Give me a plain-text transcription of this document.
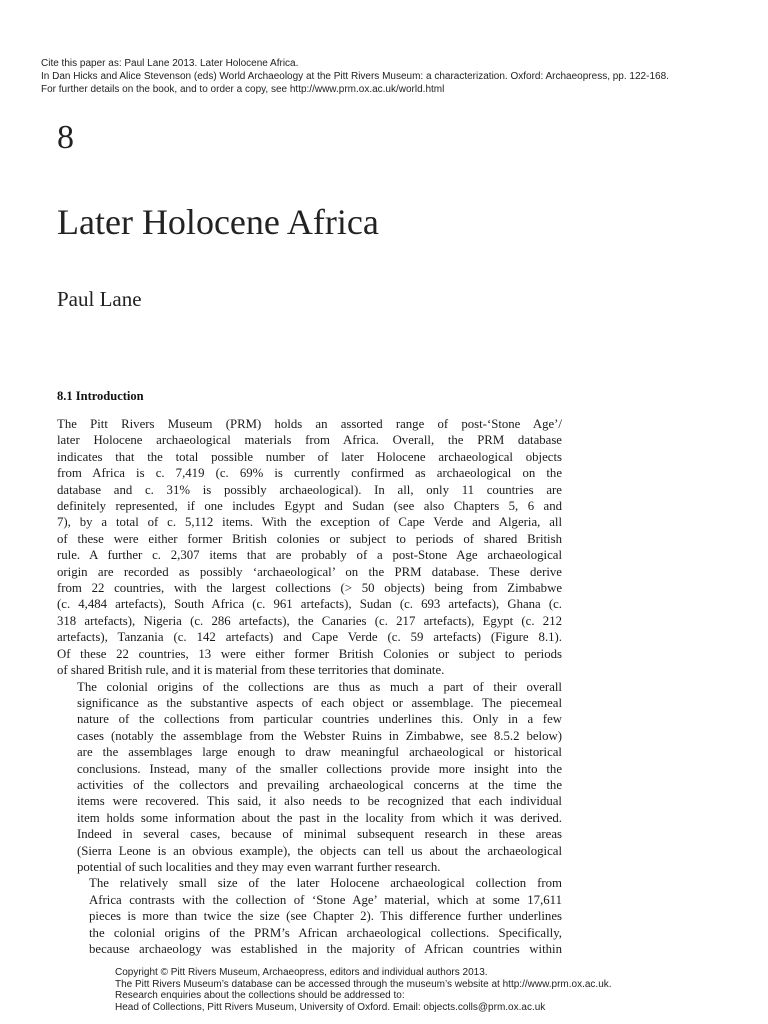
Cite this paper as: Paul Lane 2013. Later Holocene Africa.
In Dan Hicks and Alice Stevenson (eds) World Archaeology at the Pitt Rivers Museum: a characterization. Oxford: Archaeopress, pp. 122-168.
For further details on the book, and to order a copy, see http://www.prm.ox.ac.uk/world.html
8
Later Holocene Africa
Paul Lane
8.1 Introduction

The Pitt Rivers Museum (PRM) holds an assorted range of post-‘Stone Age’/
later Holocene archaeological materials from Africa. Overall, the PRM database
indicates that the total possible number of later Holocene archaeological objects
from Africa is c. 7,419 (c. 69% is currently confirmed as archaeological on the
database and c. 31% is possibly archaeological). In all, only 11 countries are
definitely represented, if one includes Egypt and Sudan (see also Chapters 5, 6 and
7), by a total of c. 5,112 items. With the exception of Cape Verde and Algeria, all
of these were either former British colonies or subject to periods of shared British
rule. A further c. 2,307 items that are probably of a post-Stone Age archaeological
origin are recorded as possibly ‘archaeological’ on the PRM database. These derive
from 22 countries, with the largest collections (> 50 objects) being from Zimbabwe
(c. 4,484 artefacts), South Africa (c. 961 artefacts), Sudan (c. 693 artefacts), Ghana (c.
318 artefacts), Nigeria (c. 286 artefacts), the Canaries (c. 217 artefacts), Egypt (c. 212
artefacts), Tanzania (c. 142 artefacts) and Cape Verde (c. 59 artefacts) (Figure 8.1).
Of these 22 countries, 13 were either former British Colonies or subject to periods
of shared British rule, and it is material from these territories that dominate.

The colonial origins of the collections are thus as much a part of their overall
significance as the substantive aspects of each object or assemblage. The piecemeal
nature of the collections from particular countries underlines this. Only in a few
cases (notably the assemblage from the Webster Ruins in Zimbabwe, see 8.5.2 below)
are the assemblages large enough to draw meaningful archaeological or historical
conclusions. Instead, many of the smaller collections provide more insight into the
activities of the collectors and prevailing archaeological concerns at the time the
items were recovered. This said, it also needs to be recognized that each individual
item holds some information about the past in the locality from which it was derived.
Indeed in several cases, because of minimal subsequent research in these areas
(Sierra Leone is an obvious example), the objects can tell us about the archaeological
potential of such localities and they may even warrant further research.

The relatively small size of the later Holocene archaeological collection from
Africa contrasts with the collection of ‘Stone Age’ material, which at some 17,611
pieces is more than twice the size (see Chapter 2). This difference further underlines
the colonial origins of the PRM’s African archaeological collections. Specifically,
because archaeology was established in the majority of African countries within

Copyright © Pitt Rivers Museum, Archaeopress, editors and individual authors 2013.
The Pitt Rivers Museum’s database can be accessed through the museum’s website at http://www.prm.ox.ac.uk.
Research enquiries about the collections should be addressed to:
Head of Collections, Pitt Rivers Museum, University of Oxford. Email: objects.colls@prm.ox.ac.uk
